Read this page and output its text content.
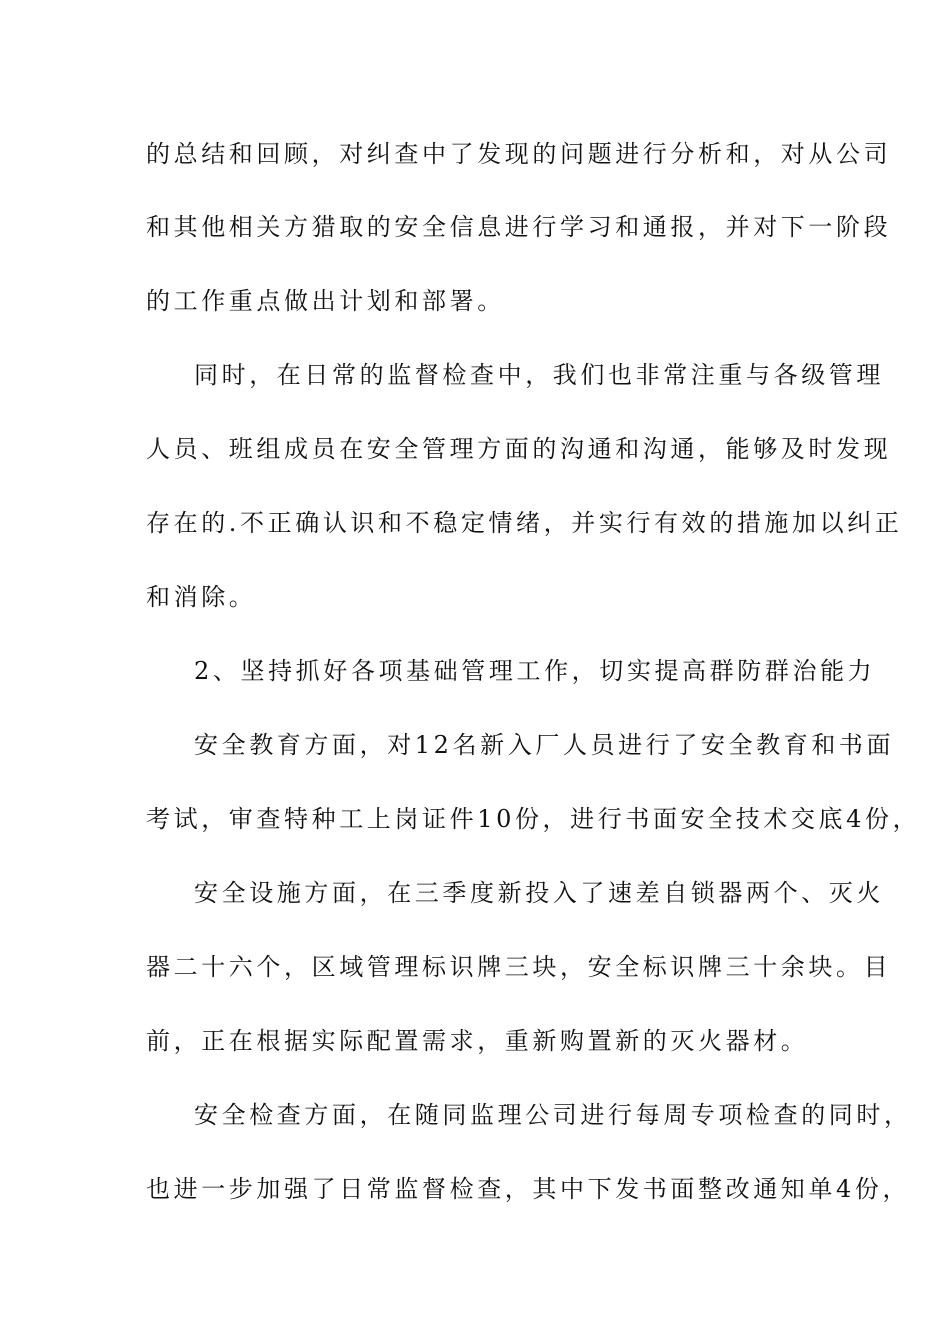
的总结和回顾，对纠查中了发现的问题进行分析和，对从公司
和其他相关方猎取的安全信息进行学习和通报，并对下一阶段
的工作重点做出计划和部署。
同时，在日常的监督检查中，我们也非常注重与各级管理
人员、班组成员在安全管理方面的沟通和沟通，能够及时发现
存在的.不正确认识和不稳定情绪，并实行有效的措施加以纠正
和消除。
2、坚持抓好各项基础管理工作，切实提高群防群治能力
安全教育方面，对12名新入厂人员进行了安全教育和书面
考试，审查特种工上岗证件10份，进行书面安全技术交底4份，
安全设施方面，在三季度新投入了速差自锁器两个、灭火
器二十六个，区域管理标识牌三块，安全标识牌三十余块。目
前，正在根据实际配置需求，重新购置新的灭火器材。
安全检查方面，在随同监理公司进行每周专项检查的同时，
也进一步加强了日常监督检查，其中下发书面整改通知单4份，
